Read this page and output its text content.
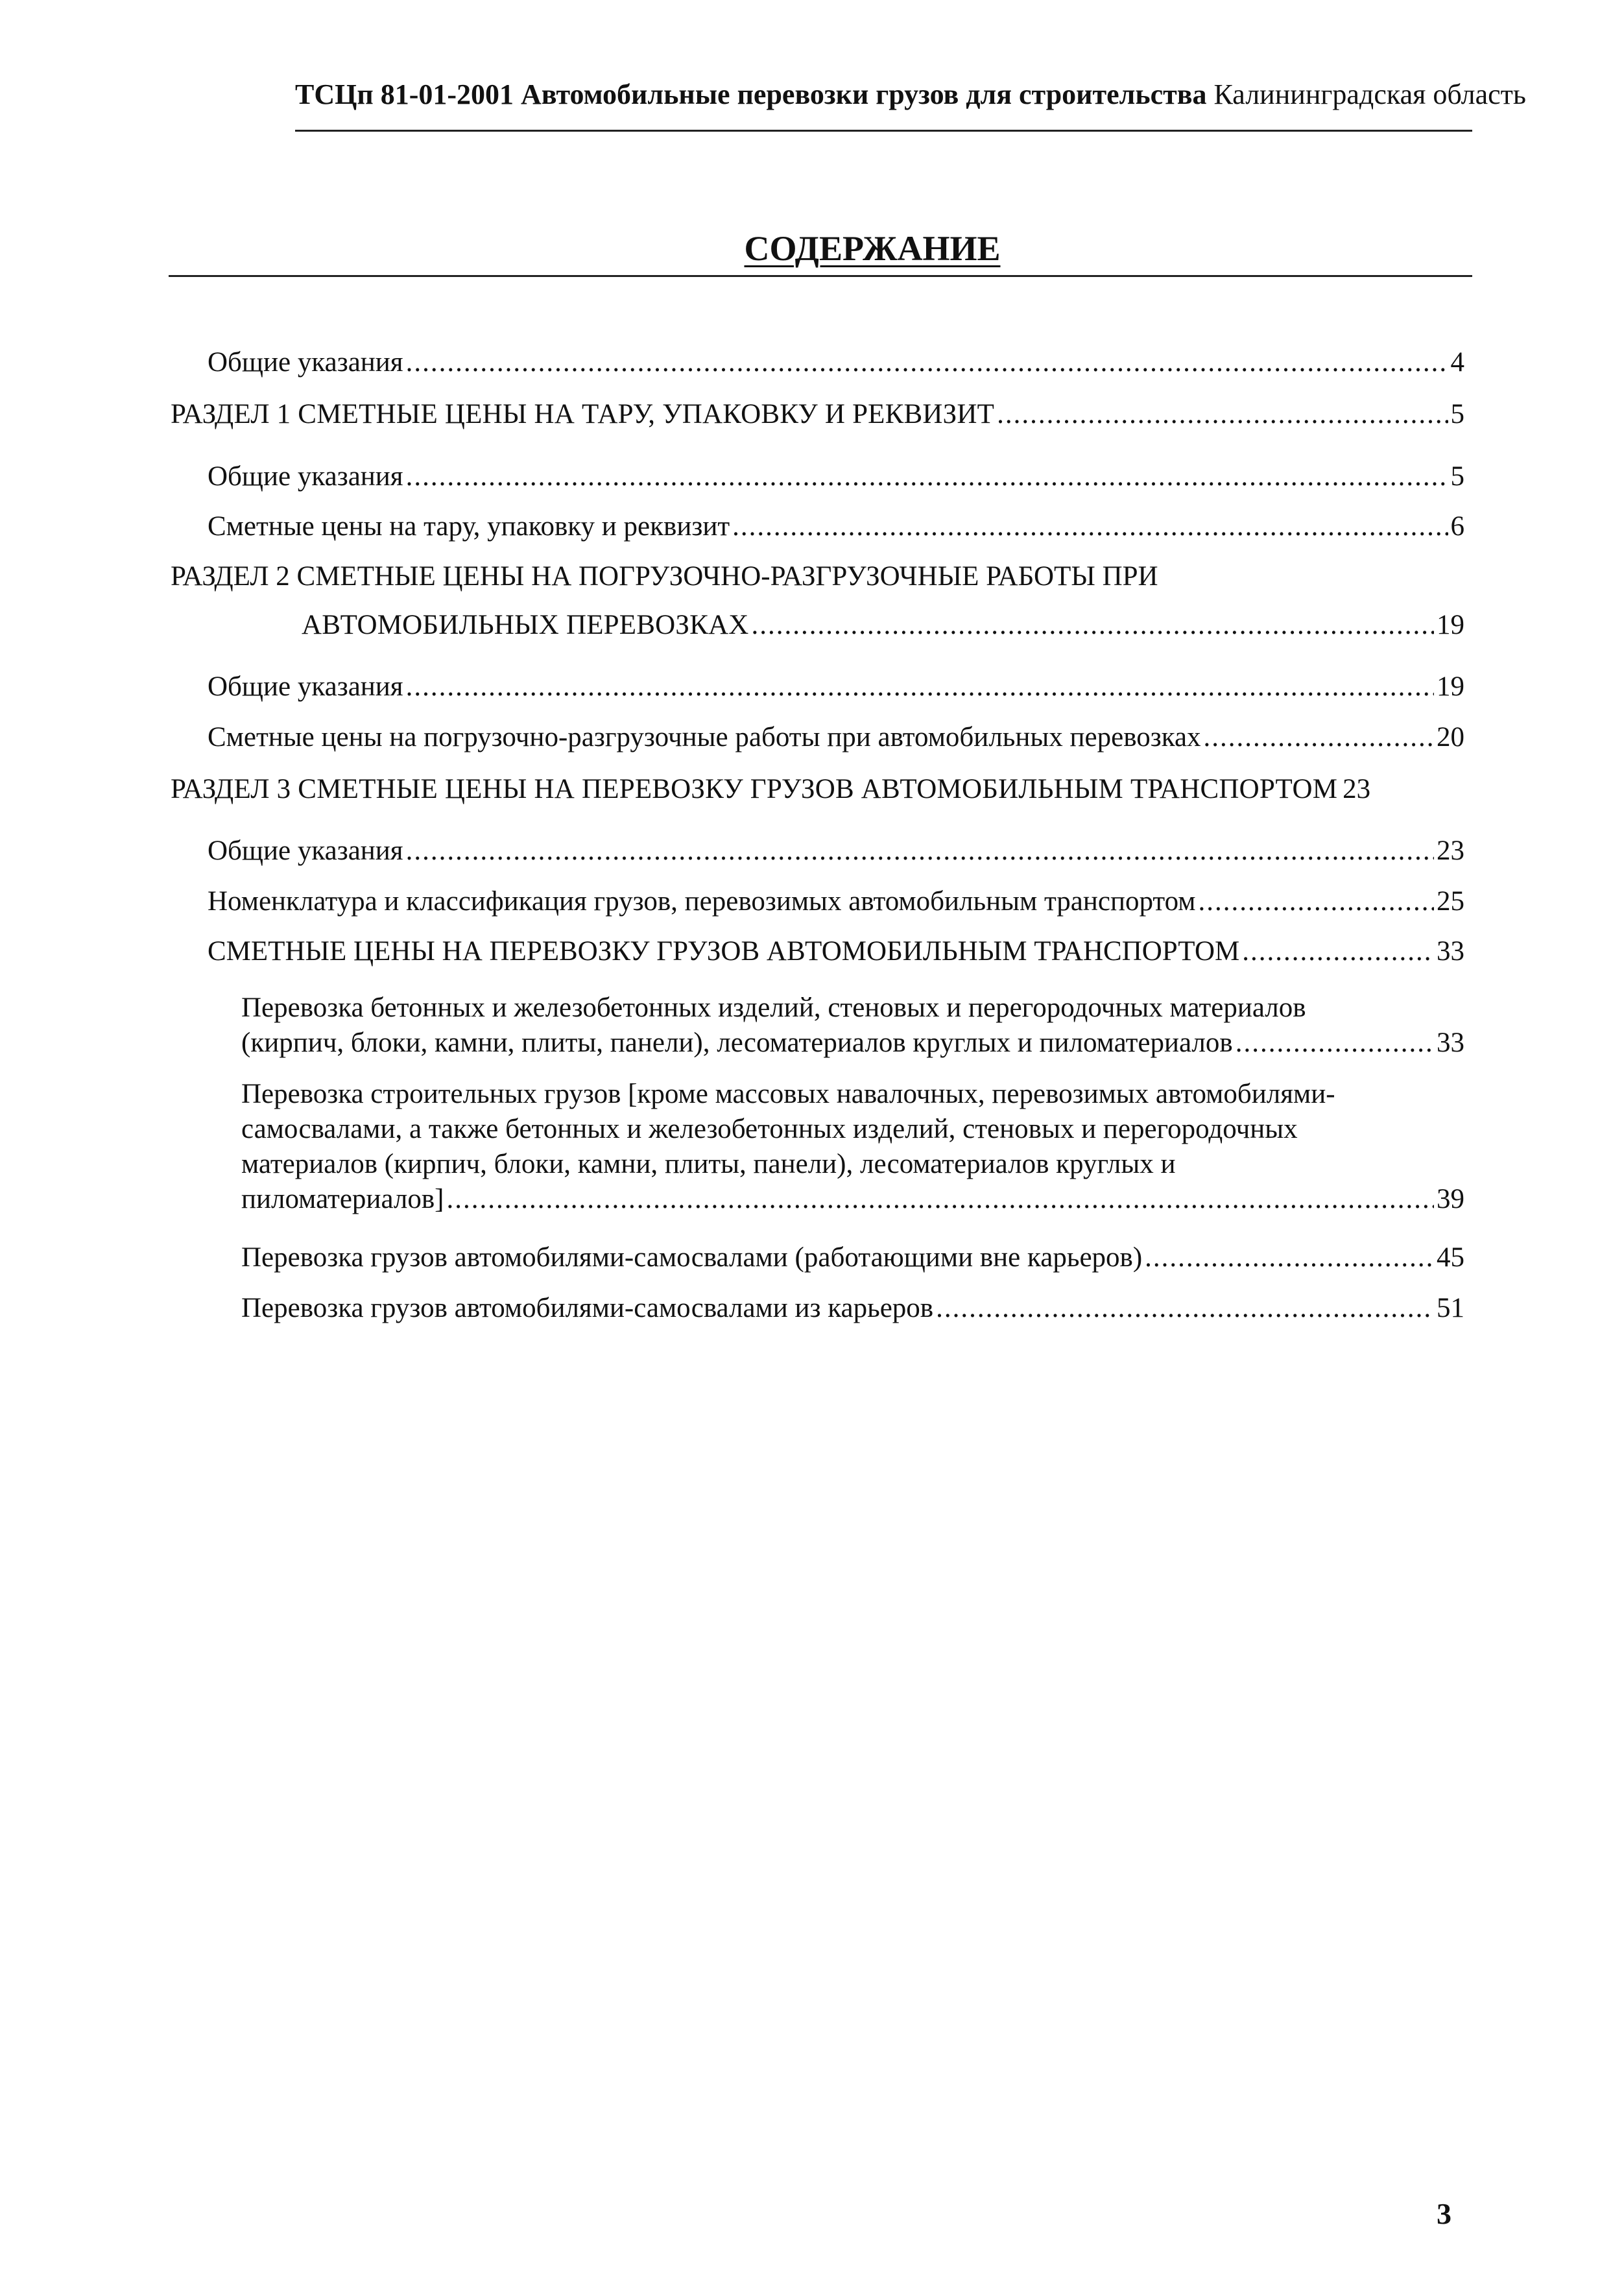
ТСЦп 81-01-2001 Автомобильные перевозки грузов для строительства Калининградская область
СОДЕРЖАНИЕ
Общие указания .....	4
РАЗДЕЛ 1 СМЕТНЫЕ ЦЕНЫ НА ТАРУ, УПАКОВКУ И РЕКВИЗИТ .....	5
Общие указания .....	5
Сметные цены на тару, упаковку и реквизит .....	6
РАЗДЕЛ 2 СМЕТНЫЕ ЦЕНЫ НА ПОГРУЗОЧНО-РАЗГРУЗОЧНЫЕ РАБОТЫ ПРИ
АВТОМОБИЛЬНЫХ ПЕРЕВОЗКАХ .....	19
Общие указания .....	19
Сметные цены на погрузочно-разгрузочные работы при автомобильных перевозках .....	20
РАЗДЕЛ 3 СМЕТНЫЕ ЦЕНЫ НА ПЕРЕВОЗКУ ГРУЗОВ АВТОМОБИЛЬНЫМ ТРАНСПОРТОМ 23
Общие указания .....	23
Номенклатура и классификация грузов, перевозимых автомобильным транспортом .....	25
СМЕТНЫЕ ЦЕНЫ НА ПЕРЕВОЗКУ ГРУЗОВ АВТОМОБИЛЬНЫМ ТРАНСПОРТОМ .....	33
Перевозка бетонных и железобетонных изделий, стеновых и перегородочных материалов
(кирпич, блоки, камни, плиты, панели), лесоматериалов круглых и пиломатериалов .....	33
Перевозка строительных грузов [кроме массовых навалочных, перевозимых автомобилями-
самосвалами, а также бетонных и железобетонных изделий, стеновых и перегородочных
материалов (кирпич, блоки, камни, плиты, панели), лесоматериалов круглых и
пиломатериалов] .....	39
Перевозка грузов автомобилями-самосвалами (работающими вне карьеров) .....	45
Перевозка грузов автомобилями-самосвалами из карьеров .....	51
3
